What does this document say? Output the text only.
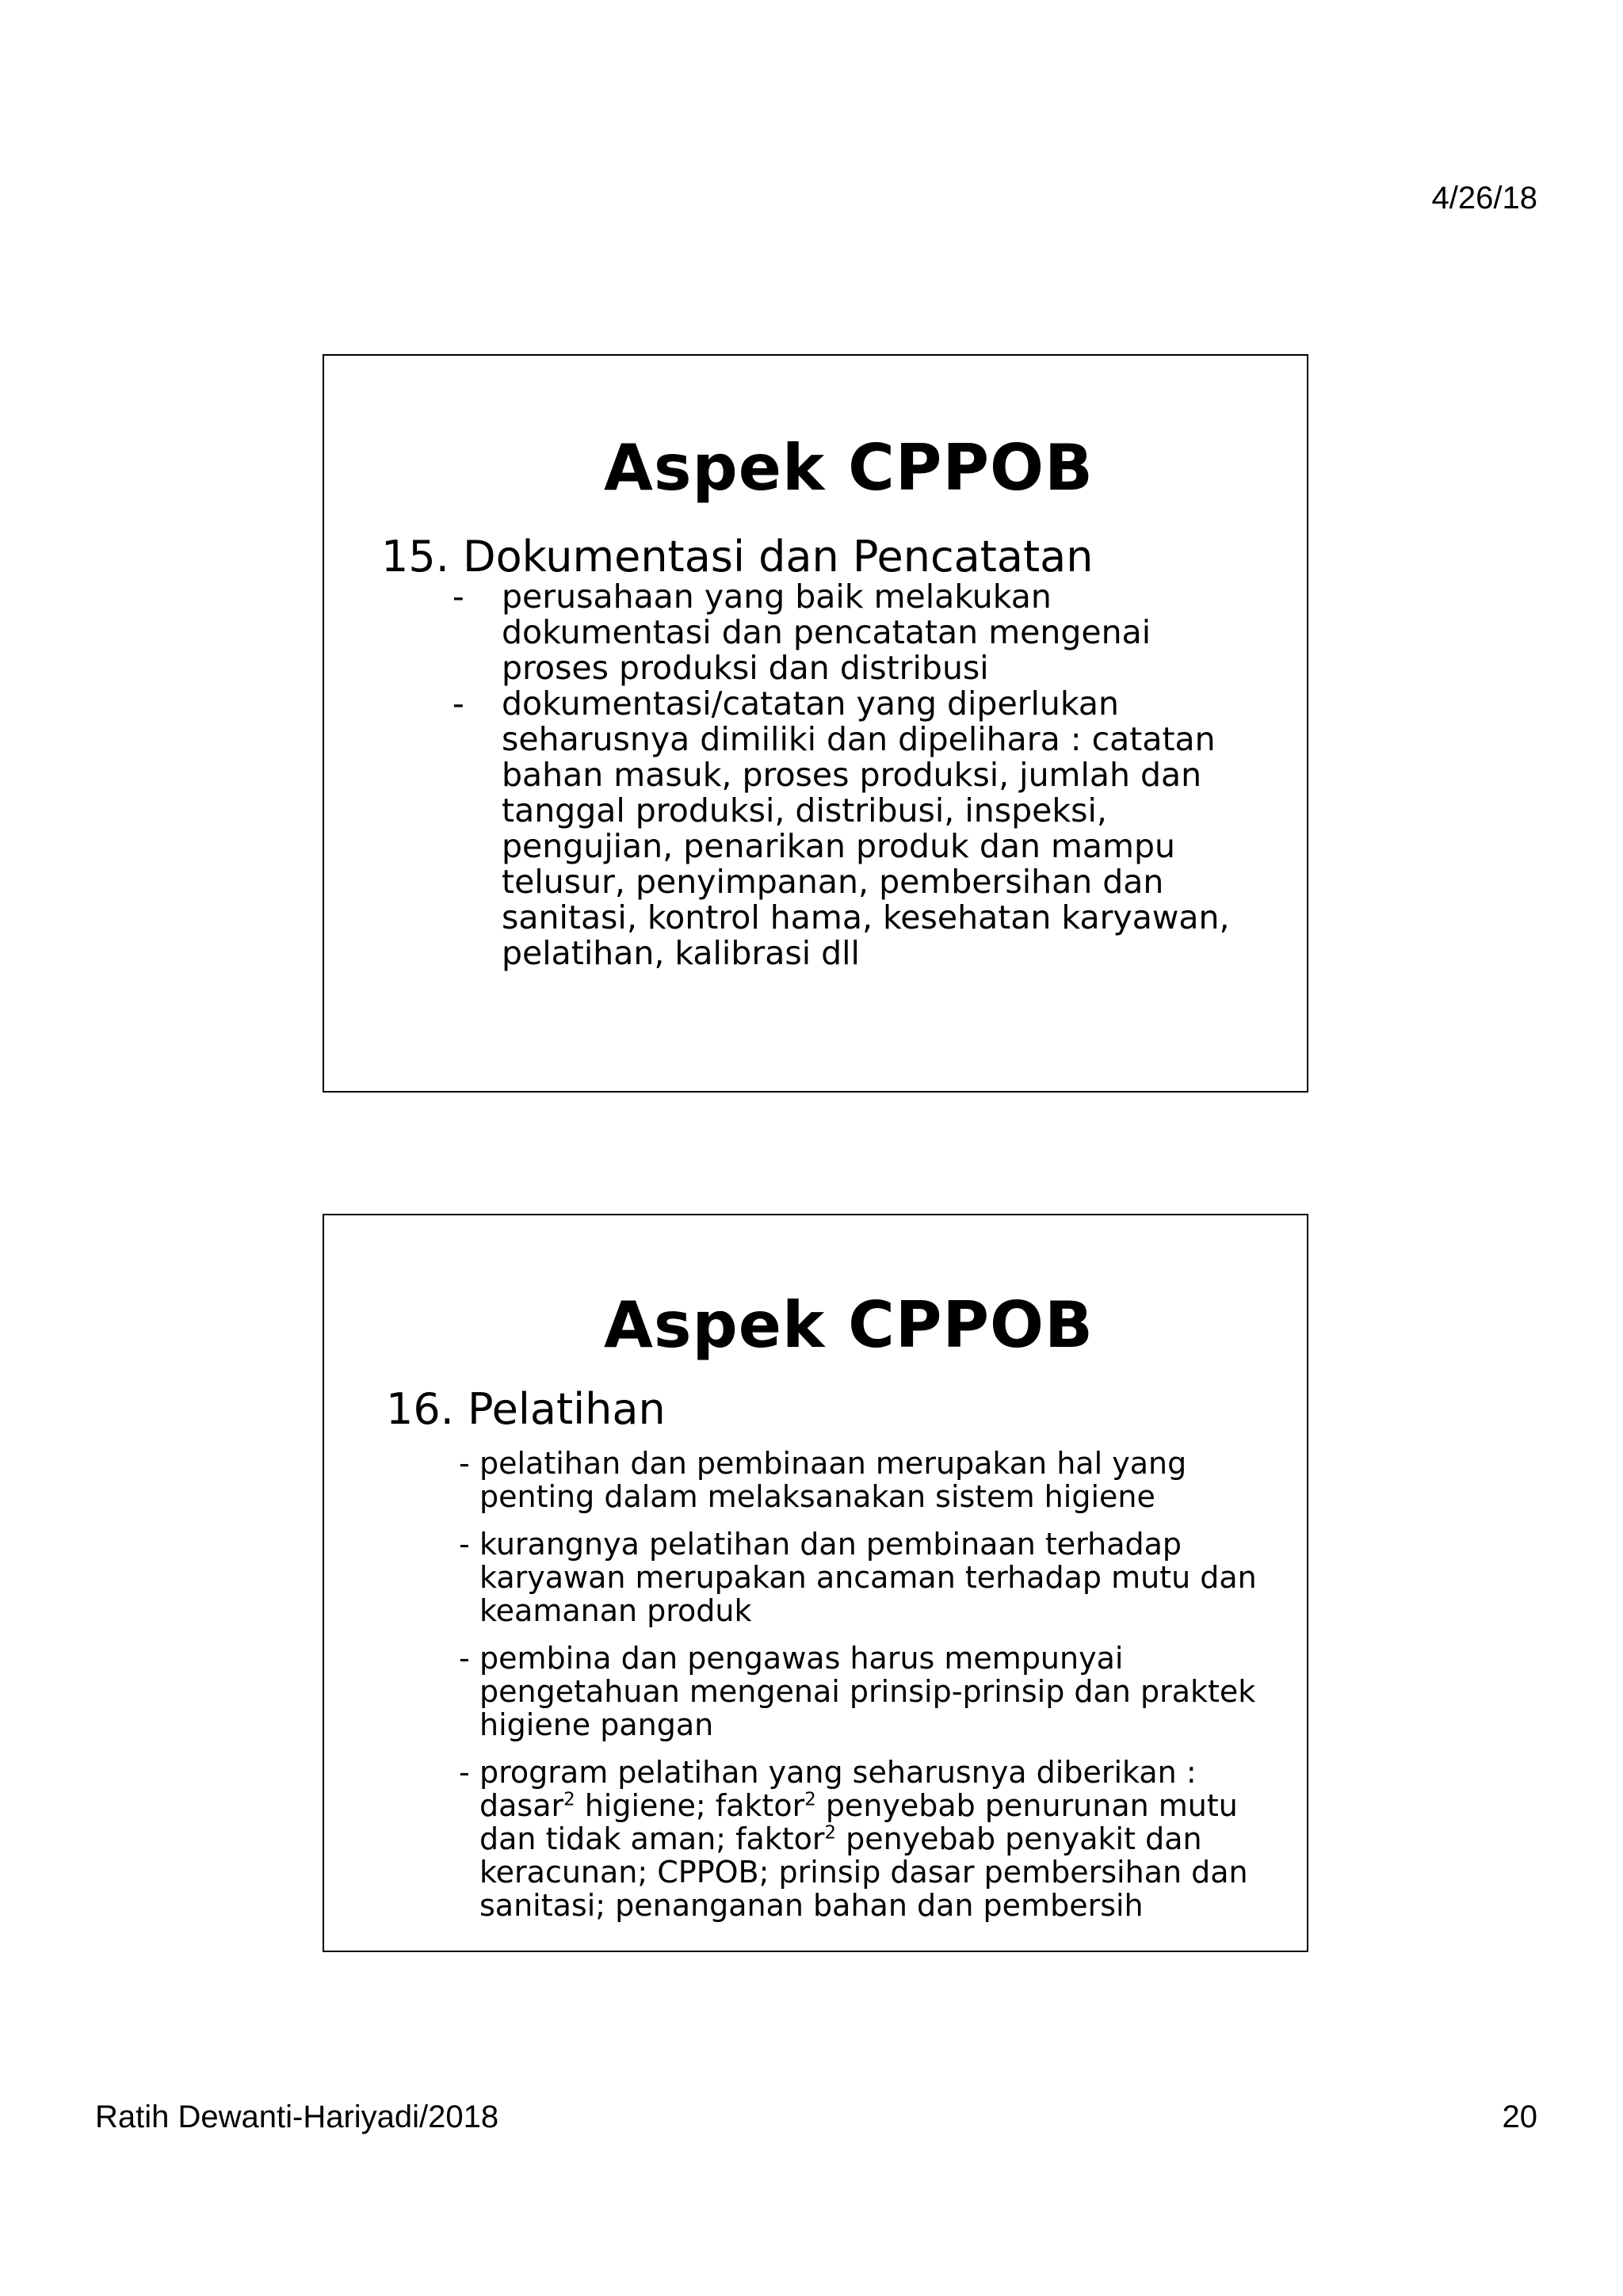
4/26/18
Aspek CPPOB
15. Dokumentasi dan Pencatatan
- perusahaan yang baik melakukan dokumentasi dan pencatatan mengenai proses produksi dan distribusi
- dokumentasi/catatan yang diperlukan seharusnya dimiliki dan dipelihara : catatan bahan masuk, proses produksi, jumlah dan tanggal produksi, distribusi, inspeksi, pengujian, penarikan produk dan mampu telusur, penyimpanan, pembersihan dan sanitasi, kontrol hama, kesehatan karyawan, pelatihan, kalibrasi dll
Aspek CPPOB
16. Pelatihan
- pelatihan dan pembinaan merupakan hal yang penting dalam melaksanakan sistem higiene
- kurangnya pelatihan dan pembinaan terhadap karyawan merupakan ancaman terhadap mutu dan keamanan produk
- pembina dan pengawas harus mempunyai pengetahuan mengenai prinsip-prinsip dan praktek higiene pangan
- program pelatihan yang seharusnya diberikan : dasar$^2$ higiene; faktor$^2$ penyebab penurunan mutu dan tidak aman; faktor$^2$ penyebab penyakit dan keracunan; CPPOB; prinsip dasar pembersihan dan sanitasi; penanganan bahan dan pembersih
Ratih Dewanti-Hariyadi/2018	20
